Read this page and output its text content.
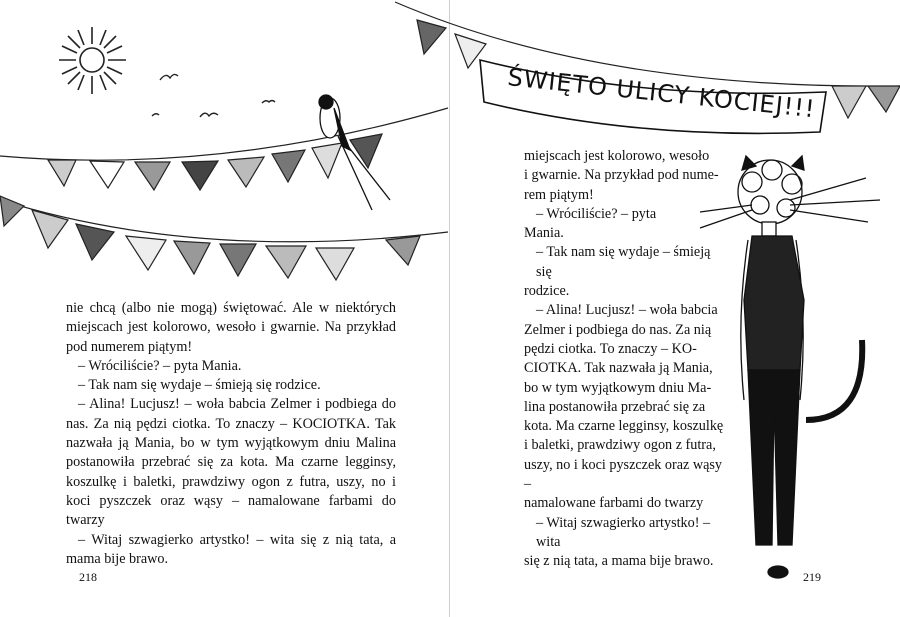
ŚWIĘTO ULICY KOCIEJ!!!

nie chcą (albo nie mogą) świętować. Ale w niektórych miejscach jest kolorowo, wesoło i gwarnie. Na przykład pod numerem piątym!

– Wróciliście? – pyta Mania.

– Tak nam się wydaje – śmieją się rodzice.

– Alina! Lucjusz! – woła babcia Zelmer i podbiega do nas. Za nią pędzi ciotka. To znaczy – KOCIOTKA. Tak nazwała ją Mania, bo w tym wyjątkowym dniu Malina postanowiła przebrać się za kota. Ma czarne legginsy, koszulkę i baletki, prawdziwy ogon z futra, uszy, no i koci pyszczek oraz wąsy – namalowane farbami do twarzy

– Witaj szwagierko artystko! – wita się z nią tata, a mama bije brawo.

miejscach jest kolorowo, wesoło
i gwarnie. Na przykład pod nume-
rem piątym!
– Wróciliście? – pyta
Mania.
– Tak nam się wydaje – śmieją się
rodzice.
– Alina! Lucjusz! – woła babcia
Zelmer i podbiega do nas. Za nią
pędzi ciotka. To znaczy – KO-
CIOTKA. Tak nazwała ją Mania,
bo w tym wyjątkowym dniu Ma-
lina postanowiła przebrać się za
kota. Ma czarne legginsy, koszulkę
i baletki, prawdziwy ogon z futra,
uszy, no i koci pyszczek oraz wąsy –
namalowane farbami do twarzy
– Witaj szwagierko artystko! – wita
się z nią tata, a mama bije brawo.
218	219
